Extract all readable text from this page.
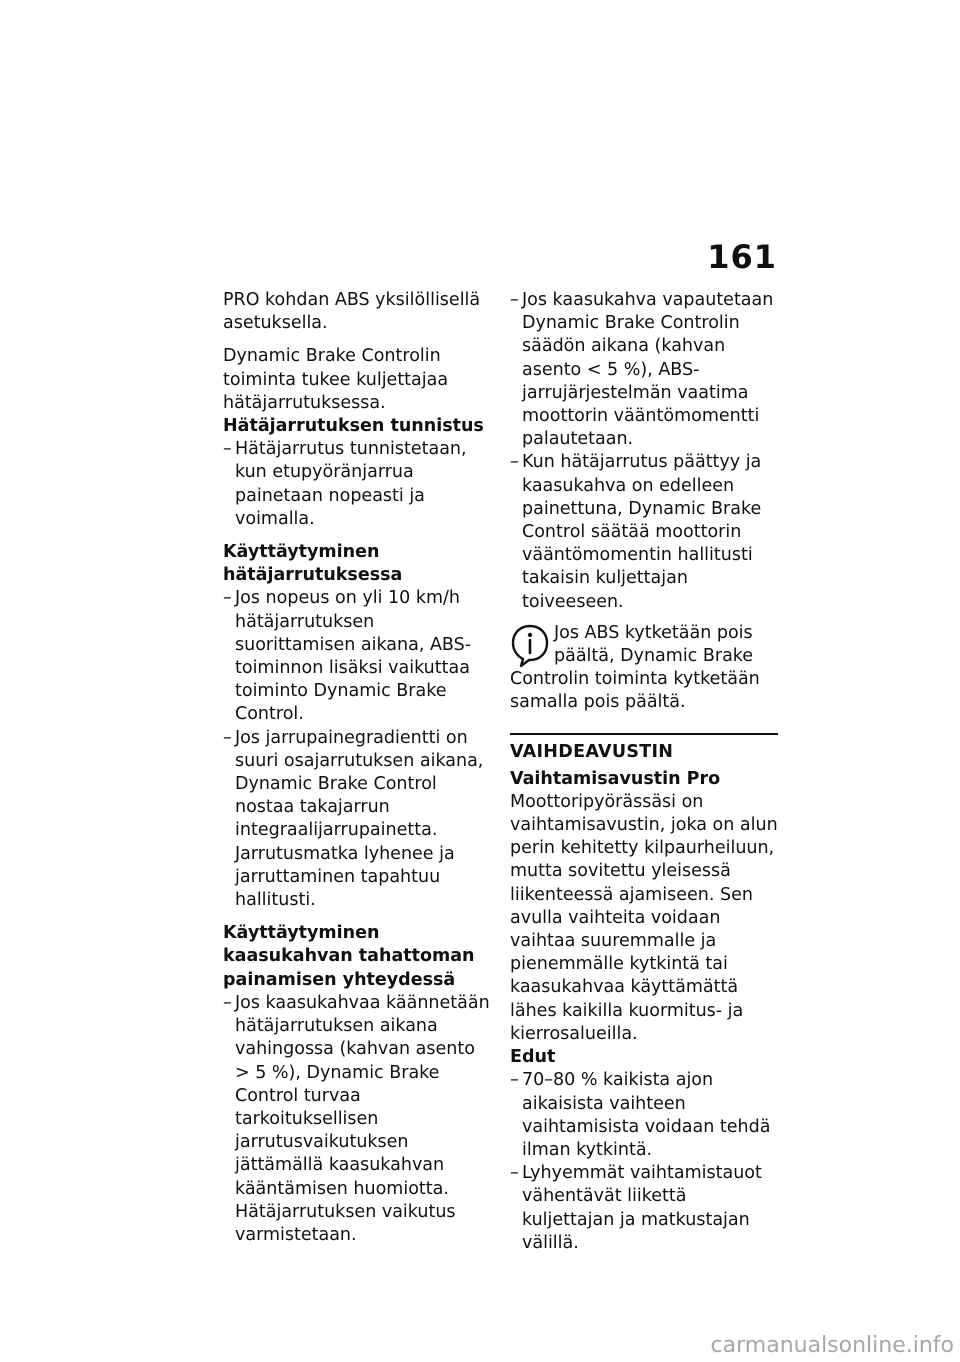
161

PRO kohdan ABS yksilöllisellä asetuksella.

Dynamic Brake Controlin toiminta tukee kuljettajaa hätäjarrutuksessa.

Hätäjarrutuksen tunnistus
– Hätäjarrutus tunnistetaan, kun etupyöränjarrua painetaan nopeasti ja voimalla.
Käyttäytyminen hätäjarrutuksessa
– Jos nopeus on yli 10 km/h hätäjarrutuksen suorittamisen aikana, ABS-toiminnon lisäksi vaikuttaa toiminto Dynamic Brake Control.
– Jos jarrupainegradientti on suuri osajarrutuksen aikana, Dynamic Brake Control nostaa takajarrun integraalijarrupainetta. Jarrutusmatka lyhenee ja jarruttaminen tapahtuu hallitusti.
Käyttäytyminen kaasukahvan tahattoman painamisen yhteydessä
– Jos kaasukahvaa käännetään hätäjarrutuksen aikana vahingossa (kahvan asento > 5 %), Dynamic Brake Control turvaa tarkoituksellisen jarrutusvaikutuksen jättämällä kaasukahvan kääntämisen huomiotta. Hätäjarrutuksen vaikutus varmistetaan.
– Jos kaasukahva vapautetaan Dynamic Brake Controlin säädön aikana (kahvan asento < 5 %), ABS-jarrujärjestelmän vaatima moottorin vääntömomentti palautetaan.
– Kun hätäjarrutus päättyy ja kaasukahva on edelleen painettuna, Dynamic Brake Control säätää moottorin vääntömomentin hallitusti takaisin kuljettajan toiveeseen.
Jos ABS kytketään pois päältä, Dynamic Brake Controlin toiminta kytketään samalla pois päältä.
VAIHDEAVUSTIN
Vaihtamisavustin Pro

Moottoripyörässäsi on vaihtamisavustin, joka on alun perin kehitetty kilpaurheiluun, mutta sovitettu yleisessä liikenteessä ajamiseen. Sen avulla vaihteita voidaan vaihtaa suuremmalle ja pienemmälle kytkintä tai kaasukahvaa käyttämättä lähes kaikilla kuormitus- ja kierrosalueilla.

Edut
– 70–80 % kaikista ajon aikaisista vaihteen vaihtamisista voidaan tehdä ilman kytkintä.
– Lyhyemmät vaihtamistauot vähentävät liikettä kuljettajan ja matkustajan välillä.
carmanualsonline.info
